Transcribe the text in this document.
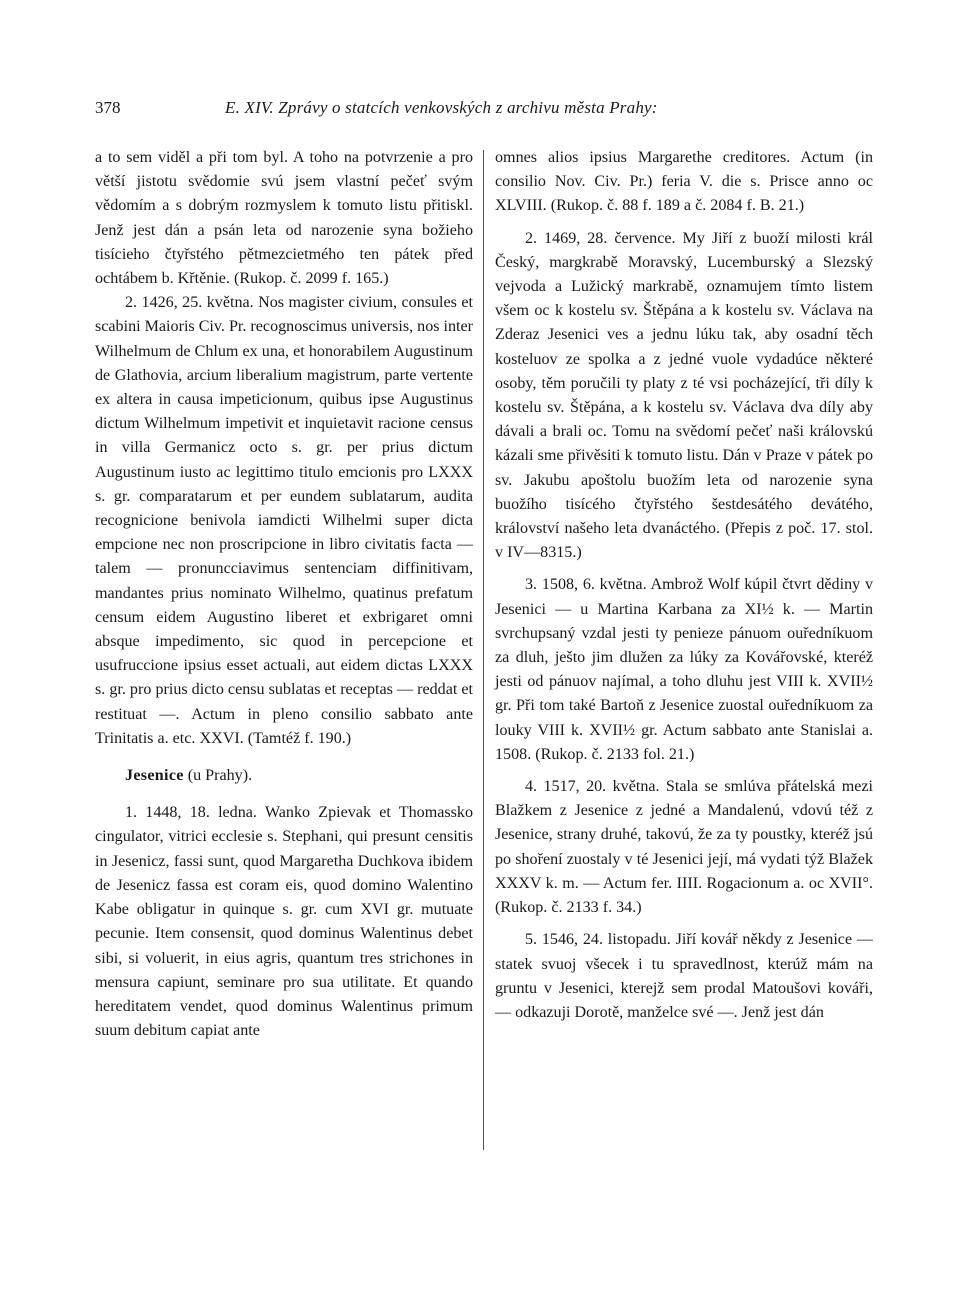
378	E. XIV. Zprávy o statcích venkovských z archivu města Prahy:

a to sem viděl a při tom byl. A toho na potvrzenie a pro větší jistotu svědomie svú jsem vlastní pečeť svým vědomím a s dobrým rozmyslem k tomuto listu přitiskl. Jenž jest dán a psán leta od narozenie syna božieho tisícieho čtyřstého pětmezcietmého ten pátek před ochtábem b. Křtěnie. (Rukop. č. 2099 f. 165.)

2. 1426, 25. května. Nos magister civium, consules et scabini Maioris Civ. Pr. recognoscimus universis, nos inter Wilhelmum de Chlum ex una, et honorabilem Augustinum de Glathovia, arcium liberalium magistrum, parte vertente ex altera in causa impeticionum, quibus ipse Augustinus dictum Wilhelmum impetivit et inquietavit racione census in villa Germanicz octo s. gr. per prius dictum Augustinum iusto ac legittimo titulo emcionis pro LXXX s. gr. comparatarum et per eundem sublatarum, audita recognicione benivola iamdicti Wilhelmi super dicta empcione nec non proscripcione in libro civitatis facta — talem — pronuncciavimus sentenciam diffinitivam, mandantes prius nominato Wilhelmo, quatinus prefatum censum eidem Augustino liberet et exbrigaret omni absque impedimento, sic quod in percepcione et usufruccione ipsius esset actuali, aut eidem dictas LXXX s. gr. pro prius dicto censu sublatas et receptas — reddat et restituat —. Actum in pleno consilio sabbato ante Trinitatis a. etc. XXVI. (Tamtéž f. 190.)

Jesenice (u Prahy).

1. 1448, 18. ledna. Wanko Zpievak et Thomassko cingulator, vitrici ecclesie s. Stephani, qui presunt censitis in Jesenicz, fassi sunt, quod Margaretha Duchkova ibidem de Jesenicz fassa est coram eis, quod domino Walentino Kabe obligatur in quinque s. gr. cum XVI gr. mutuate pecunie. Item consensit, quod dominus Walentinus debet sibi, si voluerit, in eius agris, quantum tres strichones in mensura capiunt, seminare pro sua utilitate. Et quando hereditatem vendet, quod dominus Walentinus primum suum debitum capiat ante

omnes alios ipsius Margarethe creditores. Actum (in consilio Nov. Civ. Pr.) feria V. die s. Prisce anno oc XLVIII. (Rukop. č. 88 f. 189 a č. 2084 f. B. 21.)

2. 1469, 28. července. My Jiří z buoží milosti král Český, margkrabě Moravský, Lucemburský a Slezský vejvoda a Lužický markrabě, oznamujem tímto listem všem oc k kostelu sv. Štěpána a k kostelu sv. Václava na Zderaz Jesenici ves a jednu lúku tak, aby osadní těch kosteluov ze spolka a z jedné vuole vydadúce některé osoby, těm poručili ty platy z té vsi pocházející, tři díly k kostelu sv. Štěpána, a k kostelu sv. Václava dva díly aby dávali a brali oc. Tomu na svědomí pečeť naši královskú kázali sme přivěsiti k tomuto listu. Dán v Praze v pátek po sv. Jakubu apoštolu buožím leta od narozenie syna buožího tisícého čtyřstého šestdesátého devátého, království našeho leta dvanáctého. (Přepis z poč. 17. stol. v IV—8315.)

3. 1508, 6. května. Ambrož Wolf kúpil čtvrt dědiny v Jesenici — u Martina Karbana za XI½ k. — Martin svrchupsaný vzdal jesti ty penieze pánuom ouředníkuom za dluh, ješto jim dlužen za lúky za Kovářovské, kteréž jesti od pánuov najímal, a toho dluhu jest VIII k. XVII½ gr. Při tom také Bartoň z Jesenice zuostal ouředníkuom za louky VIII k. XVII½ gr. Actum sabbato ante Stanislai a. 1508. (Rukop. č. 2133 fol. 21.)

4. 1517, 20. května. Stala se smlúva přátelská mezi Blažkem z Jesenice z jedné a Mandalenú, vdovú též z Jesenice, strany druhé, takovú, že za ty poustky, kteréž jsú po shoření zuostaly v té Jesenici její, má vydati týž Blažek XXXV k. m. — Actum fer. IIII. Rogacionum a. oc XVII°. (Rukop. č. 2133 f. 34.)

5. 1546, 24. listopadu. Jiří kovář někdy z Jesenice — statek svuoj všecek i tu spravedlnost, kterúž mám na gruntu v Jesenici, kterejž sem prodal Matoušovi kováři, — odkazuji Dorotě, manželce své —. Jenž jest dán
